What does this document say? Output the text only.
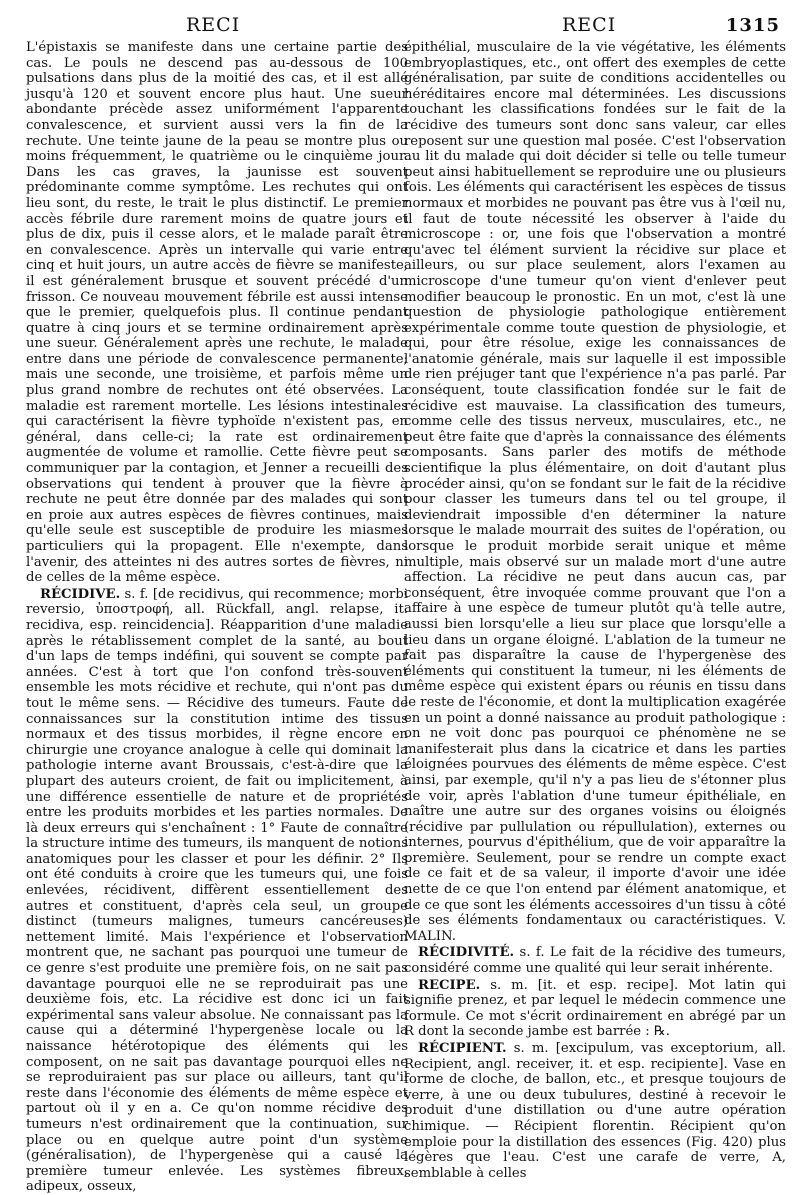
RECI	RECI	1315

L'épistaxis se manifeste dans une certaine partie des cas. Le pouls ne descend pas au-dessous de 100 pulsations dans plus de la moitié des cas, et il est allé jusqu'à 120 et souvent encore plus haut. Une sueur abondante précède assez uniformément l'apparente convalescence, et survient aussi vers la fin de la rechute. Une teinte jaune de la peau se montre plus ou moins fréquemment, le quatrième ou le cinquième jour. Dans les cas graves, la jaunisse est souvent prédominante comme symptôme. Les rechutes qui ont lieu sont, du reste, le trait le plus distinctif. Le premier accès fébrile dure rarement moins de quatre jours et plus de dix, puis il cesse alors, et le malade paraît être en convalescence. Après un intervalle qui varie entre cinq et huit jours, un autre accès de fièvre se manifeste, il est généralement brusque et souvent précédé d'un frisson. Ce nouveau mouvement fébrile est aussi intense que le premier, quelquefois plus. Il continue pendant quatre à cinq jours et se termine ordinairement après une sueur. Généralement après une rechute, le malade entre dans une période de convalescence permanente; mais une seconde, une troisième, et parfois même un plus grand nombre de rechutes ont été observées. La maladie est rarement mortelle. Les lésions intestinales qui caractérisent la fièvre typhoïde n'existent pas, en général, dans celle-ci; la rate est ordinairement augmentée de volume et ramollie. Cette fièvre peut se communiquer par la contagion, et Jenner a recueilli des observations qui tendent à prouver que la fièvre à rechute ne peut être donnée par des malades qui sont en proie aux autres espèces de fièvres continues, mais qu'elle seule est susceptible de produire les miasmes particuliers qui la propagent. Elle n'exempte, dans l'avenir, des atteintes ni des autres sortes de fièvres, ni de celles de la même espèce.

RÉCIDIVE. s. f. [de recidivus, qui recommence; morbi reversio, ὑποστροφή, all. Rückfall, angl. relapse, it. recidiva, esp. reincidencia]. Réapparition d'une maladie après le rétablissement complet de la santé, au bout d'un laps de temps indéfini, qui souvent se compte par années. C'est à tort que l'on confond très-souvent ensemble les mots récidive et rechute, qui n'ont pas du tout le même sens. — Récidive des tumeurs. Faute de connaissances sur la constitution intime des tissus normaux et des tissus morbides, il règne encore en chirurgie une croyance analogue à celle qui dominait la pathologie interne avant Broussais, c'est-à-dire que la plupart des auteurs croient, de fait ou implicitement, à une différence essentielle de nature et de propriétés entre les produits morbides et les parties normales. De là deux erreurs qui s'enchaînent : 1° Faute de connaître la structure intime des tumeurs, ils manquent de notions anatomiques pour les classer et pour les définir. 2° Ils ont été conduits à croire que les tumeurs qui, une fois enlevées, récidivent, diffèrent essentiellement des autres et constituent, d'après cela seul, un groupe distinct (tumeurs malignes, tumeurs cancéreuses) nettement limité. Mais l'expérience et l'observation montrent que, ne sachant pas pourquoi une tumeur de ce genre s'est produite une première fois, on ne sait pas davantage pourquoi elle ne se reproduirait pas une deuxième fois, etc. La récidive est donc ici un fait expérimental sans valeur absolue. Ne connaissant pas la cause qui a déterminé l'hypergenèse locale ou la naissance hétérotopique des éléments qui les composent, on ne sait pas davantage pourquoi elles ne se reproduiraient pas sur place ou ailleurs, tant qu'il reste dans l'économie des éléments de même espèce et partout où il y en a. Ce qu'on nomme récidive des tumeurs n'est ordinairement que la continuation, sur place ou en quelque autre point d'un système (généralisation), de l'hypergenèse qui a causé la première tumeur enlevée. Les systèmes fibreux, adipeux, osseux,

épithélial, musculaire de la vie végétative, les éléments embryoplastiques, etc., ont offert des exemples de cette généralisation, par suite de conditions accidentelles ou héréditaires encore mal déterminées. Les discussions touchant les classifications fondées sur le fait de la récidive des tumeurs sont donc sans valeur, car elles reposent sur une question mal posée. C'est l'observation au lit du malade qui doit décider si telle ou telle tumeur peut ainsi habituellement se reproduire une ou plusieurs fois. Les éléments qui caractérisent les espèces de tissus normaux et morbides ne pouvant pas être vus à l'œil nu, il faut de toute nécessité les observer à l'aide du microscope : or, une fois que l'observation a montré qu'avec tel élément survient la récidive sur place et ailleurs, ou sur place seulement, alors l'examen au microscope d'une tumeur qu'on vient d'enlever peut modifier beaucoup le pronostic. En un mot, c'est là une question de physiologie pathologique entièrement expérimentale comme toute question de physiologie, et qui, pour être résolue, exige les connaissances de l'anatomie générale, mais sur laquelle il est impossible de rien préjuger tant que l'expérience n'a pas parlé. Par conséquent, toute classification fondée sur le fait de récidive est mauvaise. La classification des tumeurs, comme celle des tissus nerveux, musculaires, etc., ne peut être faite que d'après la connaissance des éléments composants. Sans parler des motifs de méthode scientifique la plus élémentaire, on doit d'autant plus procéder ainsi, qu'on se fondant sur le fait de la récidive pour classer les tumeurs dans tel ou tel groupe, il deviendrait impossible d'en déterminer la nature lorsque le malade mourrait des suites de l'opération, ou lorsque le produit morbide serait unique et même multiple, mais observé sur un malade mort d'une autre affection. La récidive ne peut dans aucun cas, par conséquent, être invoquée comme prouvant que l'on a affaire à une espèce de tumeur plutôt qu'à telle autre, aussi bien lorsqu'elle a lieu sur place que lorsqu'elle a lieu dans un organe éloigné. L'ablation de la tumeur ne fait pas disparaître la cause de l'hypergenèse des éléments qui constituent la tumeur, ni les éléments de même espèce qui existent épars ou réunis en tissu dans le reste de l'économie, et dont la multiplication exagérée en un point a donné naissance au produit pathologique : on ne voit donc pas pourquoi ce phénomène ne se manifesterait plus dans la cicatrice et dans les parties éloignées pourvues des éléments de même espèce. C'est ainsi, par exemple, qu'il n'y a pas lieu de s'étonner plus de voir, après l'ablation d'une tumeur épithéliale, en naître une autre sur des organes voisins ou éloignés (récidive par pullulation ou répullulation), externes ou internes, pourvus d'épithélium, que de voir apparaître la première. Seulement, pour se rendre un compte exact de ce fait et de sa valeur, il importe d'avoir une idée nette de ce que l'on entend par élément anatomique, et de ce que sont les éléments accessoires d'un tissu à côté de ses éléments fondamentaux ou caractéristiques. V. MALIN.

RÉCIDIVITÉ. s. f. Le fait de la récidive des tumeurs, considéré comme une qualité qui leur serait inhérente.

RECIPE. s. m. [it. et esp. recipe]. Mot latin qui signifie prenez, et par lequel le médecin commence une formule. Ce mot s'écrit ordinairement en abrégé par un R dont la seconde jambe est barrée : ℞.

RÉCIPIENT. s. m. [excipulum, vas exceptorium, all. Recipient, angl. receiver, it. et esp. recipiente]. Vase en forme de cloche, de ballon, etc., et presque toujours de verre, à une ou deux tubulures, destiné à recevoir le produit d'une distillation ou d'une autre opération chimique. — Récipient florentin. Récipient qu'on emploie pour la distillation des essences (Fig. 420) plus légères que l'eau. C'est une carafe de verre, A, semblable à celles
